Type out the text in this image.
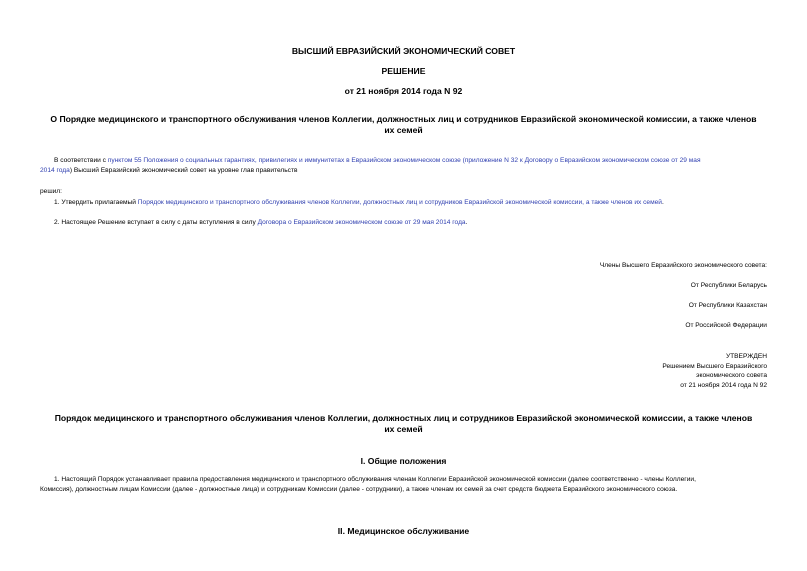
ВЫСШИЙ ЕВРАЗИЙСКИЙ ЭКОНОМИЧЕСКИЙ СОВЕТ
РЕШЕНИЕ
от 21 ноября 2014 года N 92
О Порядке медицинского и транспортного обслуживания членов Коллегии, должностных лиц и сотрудников Евразийской экономической комиссии, а также членов
их семей
В соответствии с пунктом 55 Положения о социальных гарантиях, привилегиях и иммунитетах в Евразийском экономическом союзе (приложение N 32 к Договору о Евразийском экономическом союзе от 29 мая
2014 года) Высший Евразийский экономический совет на уровне глав правительств
решил:
1. Утвердить прилагаемый Порядок медицинского и транспортного обслуживания членов Коллегии, должностных лиц и сотрудников Евразийской экономической комиссии, а также членов их семей.
2. Настоящее Решение вступает в силу с даты вступления в силу Договора о Евразийском экономическом союзе от 29 мая 2014 года.
Члены Высшего Евразийского экономического совета:
От Республики Беларусь
От Республики Казахстан
От Российской Федерации
УТВЕРЖДЕН
Решением Высшего Евразийского
экономического совета
от 21 ноября 2014 года N 92
Порядок медицинского и транспортного обслуживания членов Коллегии, должностных лиц и сотрудников Евразийской экономической комиссии, а также членов
их семей
I. Общие положения
1. Настоящий Порядок устанавливает правила предоставления медицинского и транспортного обслуживания членам Коллегии Евразийской экономической комиссии (далее соответственно - члены Коллегии,
Комиссия), должностным лицам Комиссии (далее - должностные лица) и сотрудникам Комиссии (далее - сотрудники), а также членам их семей за счет средств бюджета Евразийского экономического союза.
II. Медицинское обслуживание
